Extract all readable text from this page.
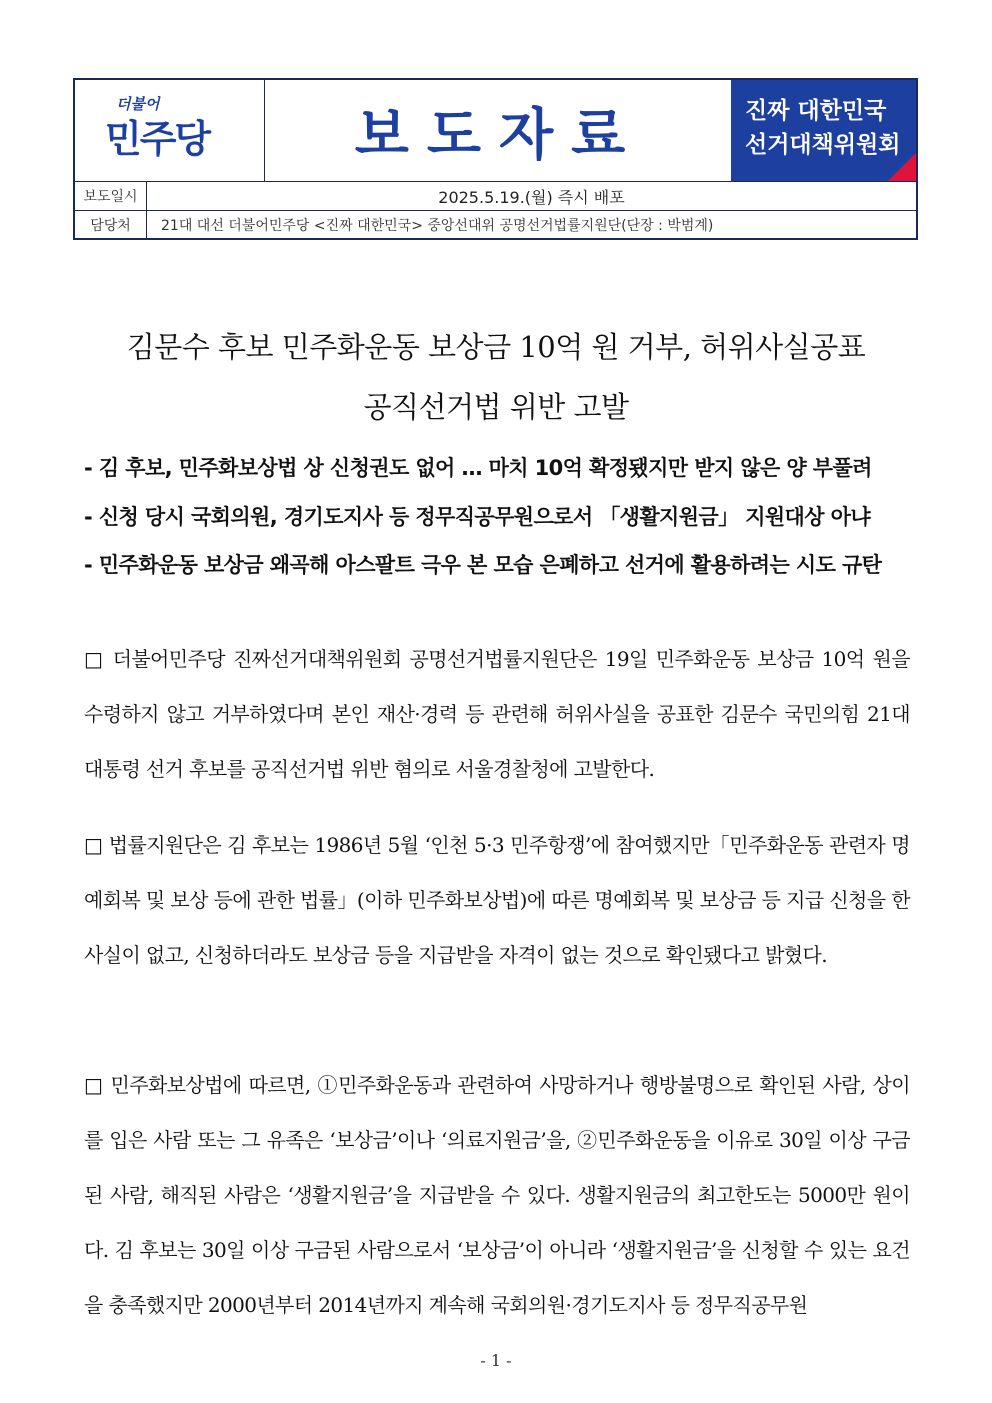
더불어
민주당	보도자료	진짜 대한민국
선거대책위원회
보도일시	2025.5.19.(월) 즉시 배포
담당처	21대 대선 더불어민주당 <진짜 대한민국> 중앙선대위 공명선거법률지원단(단장 : 박범계)
김문수 후보 민주화운동 보상금 10억 원 거부, 허위사실공표
공직선거법 위반 고발
- 김 후보, 민주화보상법 상 신청권도 없어 … 마치 10억 확정됐지만 받지 않은 양 부풀려
- 신청 당시 국회의원, 경기도지사 등 정무직공무원으로서 「생활지원금」 지원대상 아냐
- 민주화운동 보상금 왜곡해 아스팔트 극우 본 모습 은폐하고 선거에 활용하려는 시도 규탄
□ 더불어민주당 진짜선거대책위원회 공명선거법률지원단은 19일 민주화운동 보상금 10억 원을 수령하지 않고 거부하였다며 본인 재산·경력 등 관련해 허위사실을 공표한 김문수 국민의힘 21대 대통령 선거 후보를 공직선거법 위반 혐의로 서울경찰청에 고발한다.
□ 법률지원단은 김 후보는 1986년 5월 ‘인천 5·3 민주항쟁’에 참여했지만「민주화운동 관련자 명예회복 및 보상 등에 관한 법률」(이하 민주화보상법)에 따른 명예회복 및 보상금 등 지급 신청을 한 사실이 없고, 신청하더라도 보상금 등을 지급받을 자격이 없는 것으로 확인됐다고 밝혔다.
□ 민주화보상법에 따르면, ①민주화운동과 관련하여 사망하거나 행방불명으로 확인된 사람, 상이를 입은 사람 또는 그 유족은 ‘보상금’이나 ‘의료지원금’을, ②민주화운동을 이유로 30일 이상 구금된 사람, 해직된 사람은 ‘생활지원금’을 지급받을 수 있다. 생활지원금의 최고한도는 5000만 원이다. 김 후보는 30일 이상 구금된 사람으로서 ‘보상금’이 아니라 ‘생활지원금’을 신청할 수 있는 요건을 충족했지만 2000년부터 2014년까지 계속해 국회의원·경기도지사 등 정무직공무원
- 1 -
